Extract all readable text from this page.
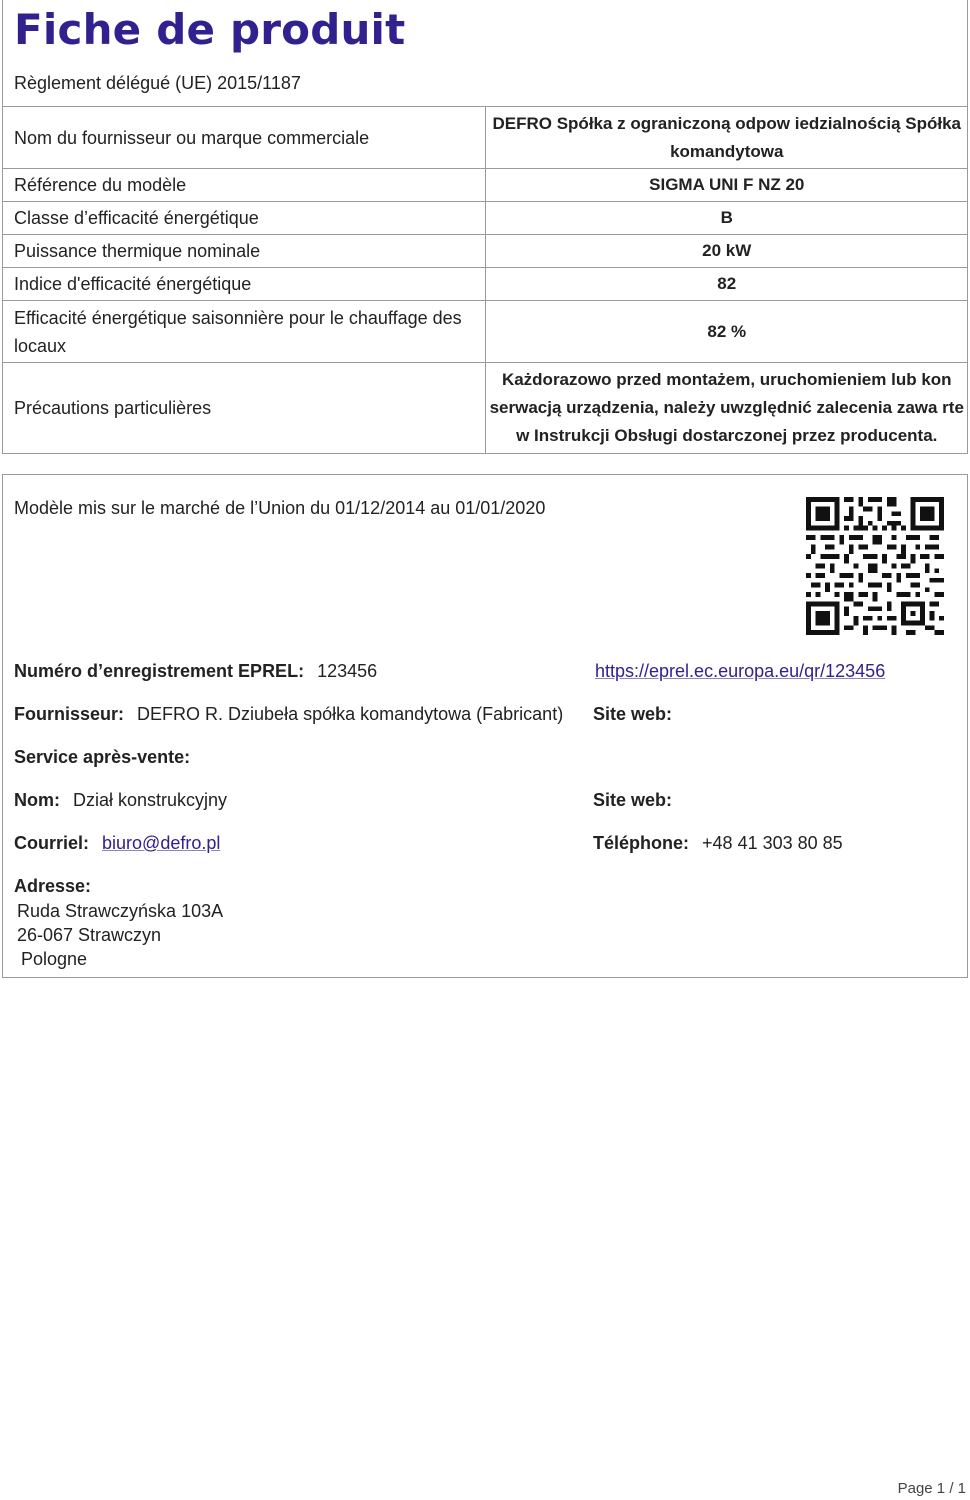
Fiche de produit
Règlement délégué (UE) 2015/1187
Nom du fournisseur ou marque commerciale	DEFRO Spółka z ograniczoną odpow iedzialnością Spółka komandytowa
Référence du modèle	SIGMA UNI F NZ 20
Classe d’efficacité énergétique	B
Puissance thermique nominale	20 kW
Indice d'efficacité énergétique	82
Efficacité énergétique saisonnière pour le chauffage des locaux	82 %
Précautions particulières	Każdorazowo przed montażem, uruchomieniem lub kon serwacją urządzenia, należy uwzględnić zalecenia zawa rte w Instrukcji Obsługi dostarczonej przez producenta.
Modèle mis sur le marché de l’Union du 01/12/2014 au 01/01/2020
Numéro d’enregistrement EPREL: 123456	https://eprel.ec.europa.eu/qr/123456
Fournisseur: DEFRO R. Dziubeła spółka komandytowa (Fabricant) Site web:
Service après-vente:
Nom: Dział konstrukcyjny	Site web:
Courriel: biuro@defro.pl	Téléphone: +48 41 303 80 85
Adresse:
Ruda Strawczyńska 103A
26-067 Strawczyn
Pologne
Page 1 / 1
